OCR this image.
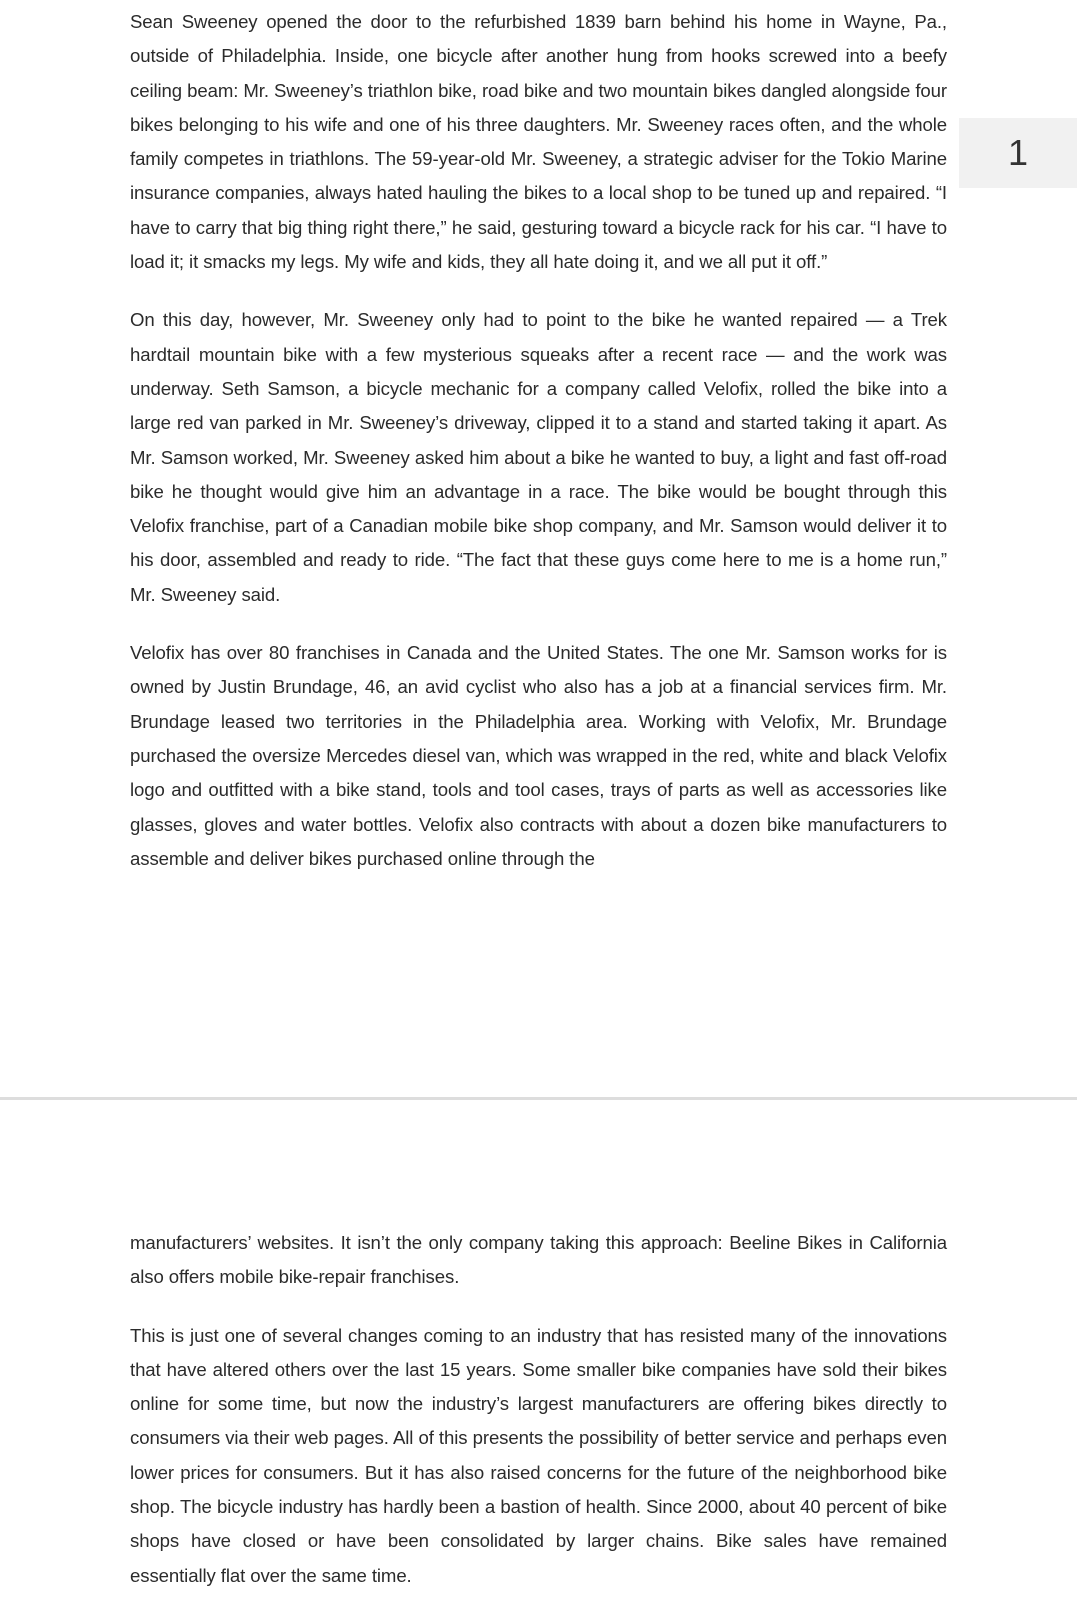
Sean Sweeney opened the door to the refurbished 1839 barn behind his home in Wayne, Pa., outside of Philadelphia. Inside, one bicycle after another hung from hooks screwed into a beefy ceiling beam: Mr. Sweeney’s triathlon bike, road bike and two mountain bikes dangled alongside four bikes belonging to his wife and one of his three daughters. Mr. Sweeney races often, and the whole family competes in triathlons. The 59-year-old Mr. Sweeney, a strategic adviser for the Tokio Marine insurance companies, always hated hauling the bikes to a local shop to be tuned up and repaired. “I have to carry that big thing right there,” he said, gesturing toward a bicycle rack for his car. “I have to load it; it smacks my legs. My wife and kids, they all hate doing it, and we all put it off.”

On this day, however, Mr. Sweeney only had to point to the bike he wanted repaired — a Trek hardtail mountain bike with a few mysterious squeaks after a recent race — and the work was underway. Seth Samson, a bicycle mechanic for a company called Velofix, rolled the bike into a large red van parked in Mr. Sweeney’s driveway, clipped it to a stand and started taking it apart. As Mr. Samson worked, Mr. Sweeney asked him about a bike he wanted to buy, a light and fast off-road bike he thought would give him an advantage in a race. The bike would be bought through this Velofix franchise, part of a Canadian mobile bike shop company, and Mr. Samson would deliver it to his door, assembled and ready to ride. “The fact that these guys come here to me is a home run,” Mr. Sweeney said.

Velofix has over 80 franchises in Canada and the United States. The one Mr. Samson works for is owned by Justin Brundage, 46, an avid cyclist who also has a job at a financial services firm. Mr. Brundage leased two territories in the Philadelphia area. Working with Velofix, Mr. Brundage purchased the oversize Mercedes diesel van, which was wrapped in the red, white and black Velofix logo and outfitted with a bike stand, tools and tool cases, trays of parts as well as accessories like glasses, gloves and water bottles. Velofix also contracts with about a dozen bike manufacturers to assemble and deliver bikes purchased online through the

1

manufacturers’ websites. It isn’t the only company taking this approach: Beeline Bikes in California also offers mobile bike-repair franchises.

This is just one of several changes coming to an industry that has resisted many of the innovations that have altered others over the last 15 years. Some smaller bike companies have sold their bikes online for some time, but now the industry’s largest manufacturers are offering bikes directly to consumers via their web pages. All of this presents the possibility of better service and perhaps even lower prices for consumers. But it has also raised concerns for the future of the neighborhood bike shop. The bicycle industry has hardly been a bastion of health. Since 2000, about 40 percent of bike shops have closed or have been consolidated by larger chains. Bike sales have remained essentially flat over the same time.
